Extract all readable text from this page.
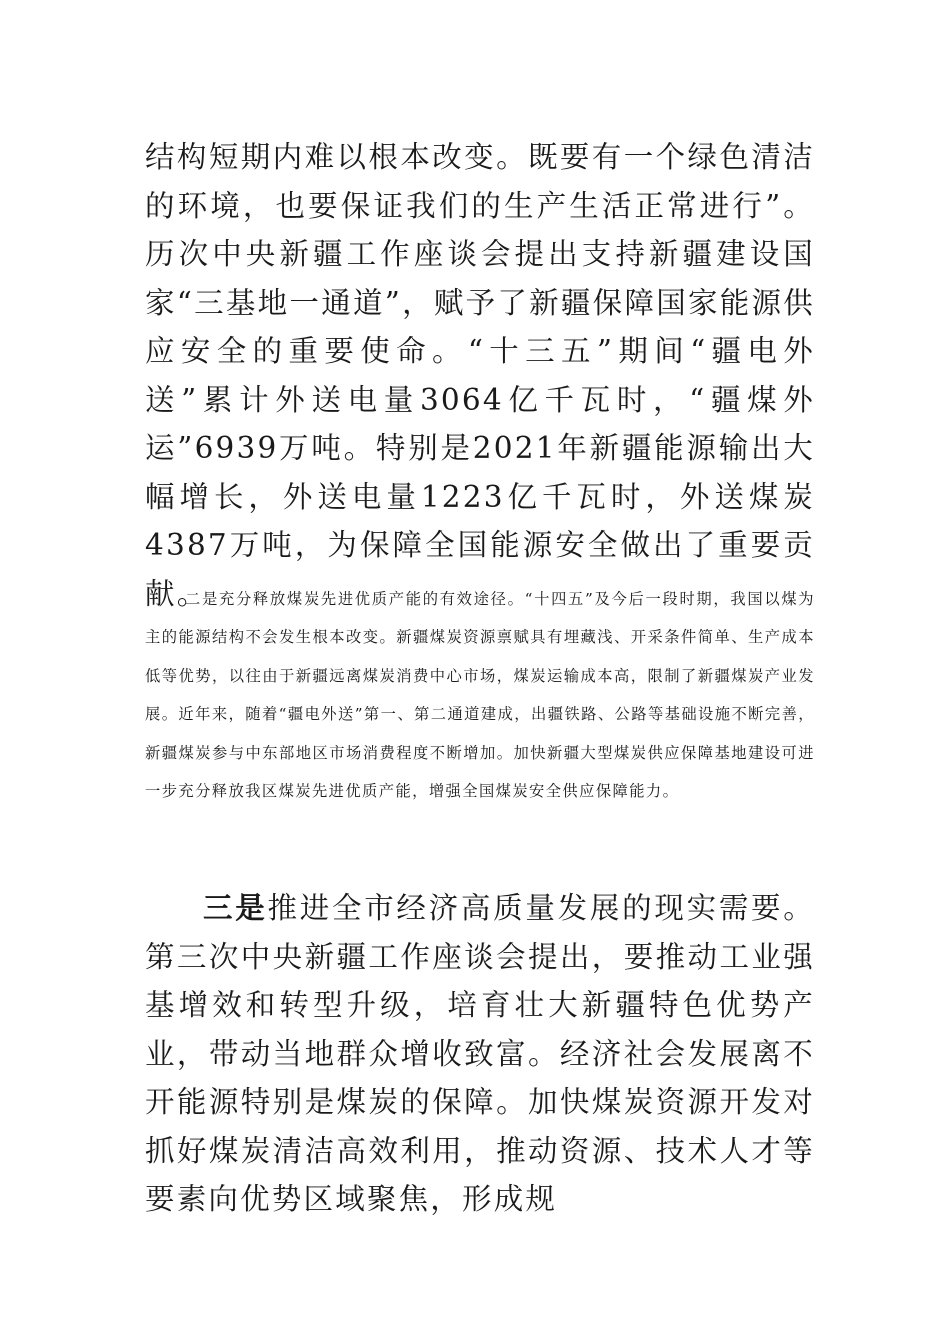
结构短期内难以根本改变。既要有一个绿色清洁的环境，也要保证我们的生产生活正常进行”。历次中央新疆工作座谈会提出支持新疆建设国家“三基地一通道”，赋予了新疆保障国家能源供应安全的重要使命。“十三五”期间“疆电外送”累计外送电量3064亿千瓦时，“疆煤外运”6939万吨。特别是2021年新疆能源输出大幅增长，外送电量1223亿千瓦时，外送煤炭4387万吨，为保障全国能源安全做出了重要贡献。

二是充分释放煤炭先进优质产能的有效途径。“十四五”及今后一段时期，我国以煤为主的能源结构不会发生根本改变。新疆煤炭资源禀赋具有埋藏浅、开采条件简单、生产成本低等优势，以往由于新疆远离煤炭消费中心市场，煤炭运输成本高，限制了新疆煤炭产业发展。近年来，随着“疆电外送”第一、第二通道建成，出疆铁路、公路等基础设施不断完善，新疆煤炭参与中东部地区市场消费程度不断增加。加快新疆大型煤炭供应保障基地建设可进一步充分释放我区煤炭先进优质产能，增强全国煤炭安全供应保障能力。

三是推进全市经济高质量发展的现实需要。第三次中央新疆工作座谈会提出，要推动工业强基增效和转型升级，培育壮大新疆特色优势产业，带动当地群众增收致富。经济社会发展离不开能源特别是煤炭的保障。加快煤炭资源开发对抓好煤炭清洁高效利用，推动资源、技术人才等要素向优势区域聚焦，形成规
